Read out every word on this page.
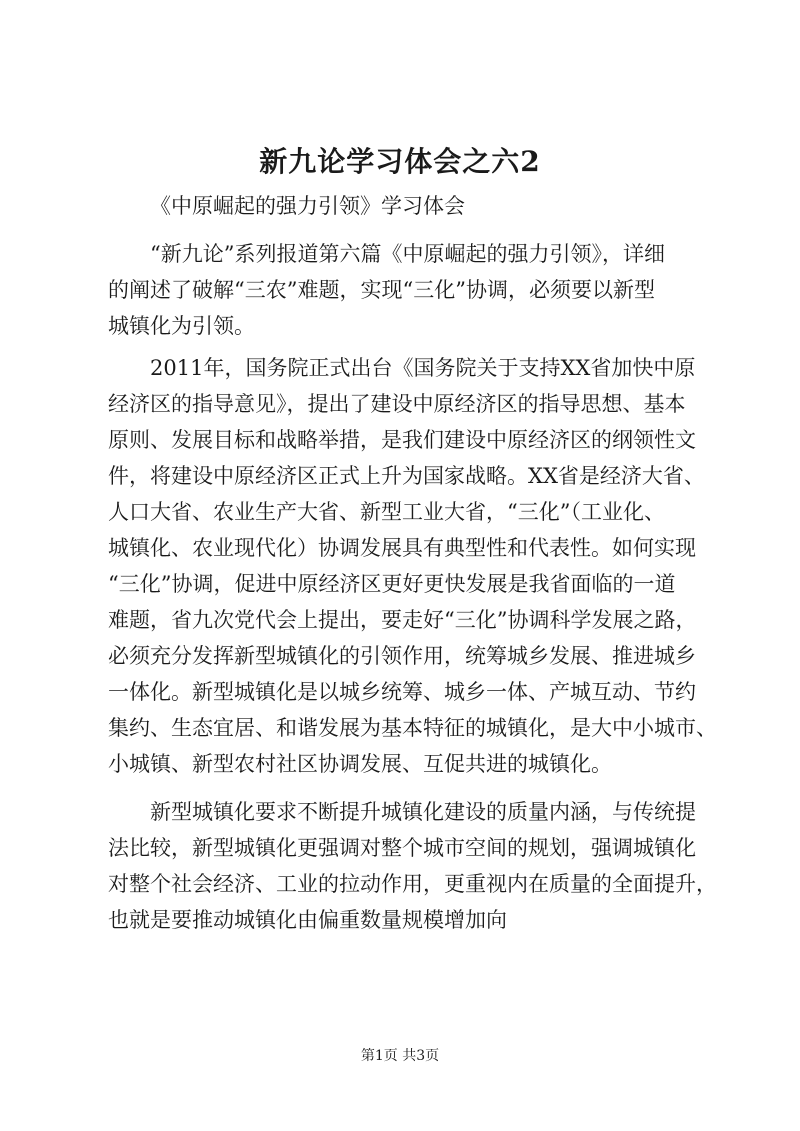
新九论学习体会之六2
《中原崛起的强力引领》学习体会
　　“新九论”系列报道第六篇《中原崛起的强力引领》，详细
的阐述了破解“三农”难题，实现“三化”协调，必须要以新型
城镇化为引领。
　　2011年，国务院正式出台《国务院关于支持XX省加快中原
经济区的指导意见》，提出了建设中原经济区的指导思想、基本
原则、发展目标和战略举措，是我们建设中原经济区的纲领性文
件，将建设中原经济区正式上升为国家战略。XX省是经济大省、
人口大省、农业生产大省、新型工业大省，“三化”（工业化、
城镇化、农业现代化）协调发展具有典型性和代表性。如何实现
“三化”协调，促进中原经济区更好更快发展是我省面临的一道
难题，省九次党代会上提出，要走好“三化”协调科学发展之路，
必须充分发挥新型城镇化的引领作用，统筹城乡发展、推进城乡
一体化。新型城镇化是以城乡统筹、城乡一体、产城互动、节约
集约、生态宜居、和谐发展为基本特征的城镇化，是大中小城市、
小城镇、新型农村社区协调发展、互促共进的城镇化。
　　新型城镇化要求不断提升城镇化建设的质量内涵，与传统提
法比较，新型城镇化更强调对整个城市空间的规划，强调城镇化
对整个社会经济、工业的拉动作用，更重视内在质量的全面提升，
也就是要推动城镇化由偏重数量规模增加向
第1页 共3页
